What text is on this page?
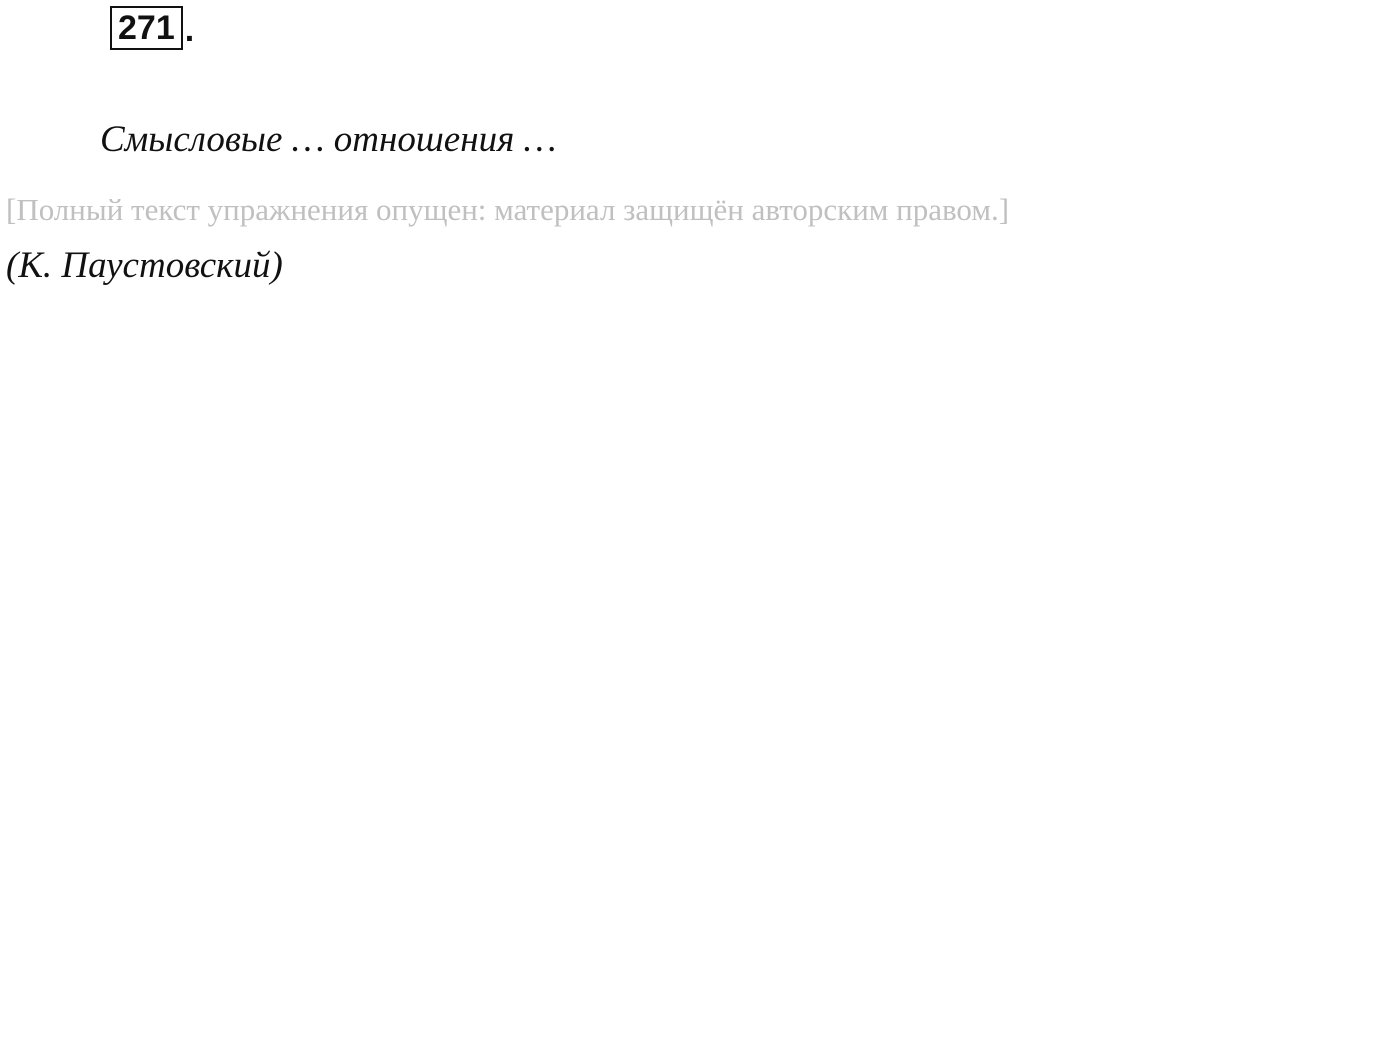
271 .

Смысловые … отношения …
[Полный текст упражнения опущен: материал защищён авторским правом.]
(К. Паустовский)
